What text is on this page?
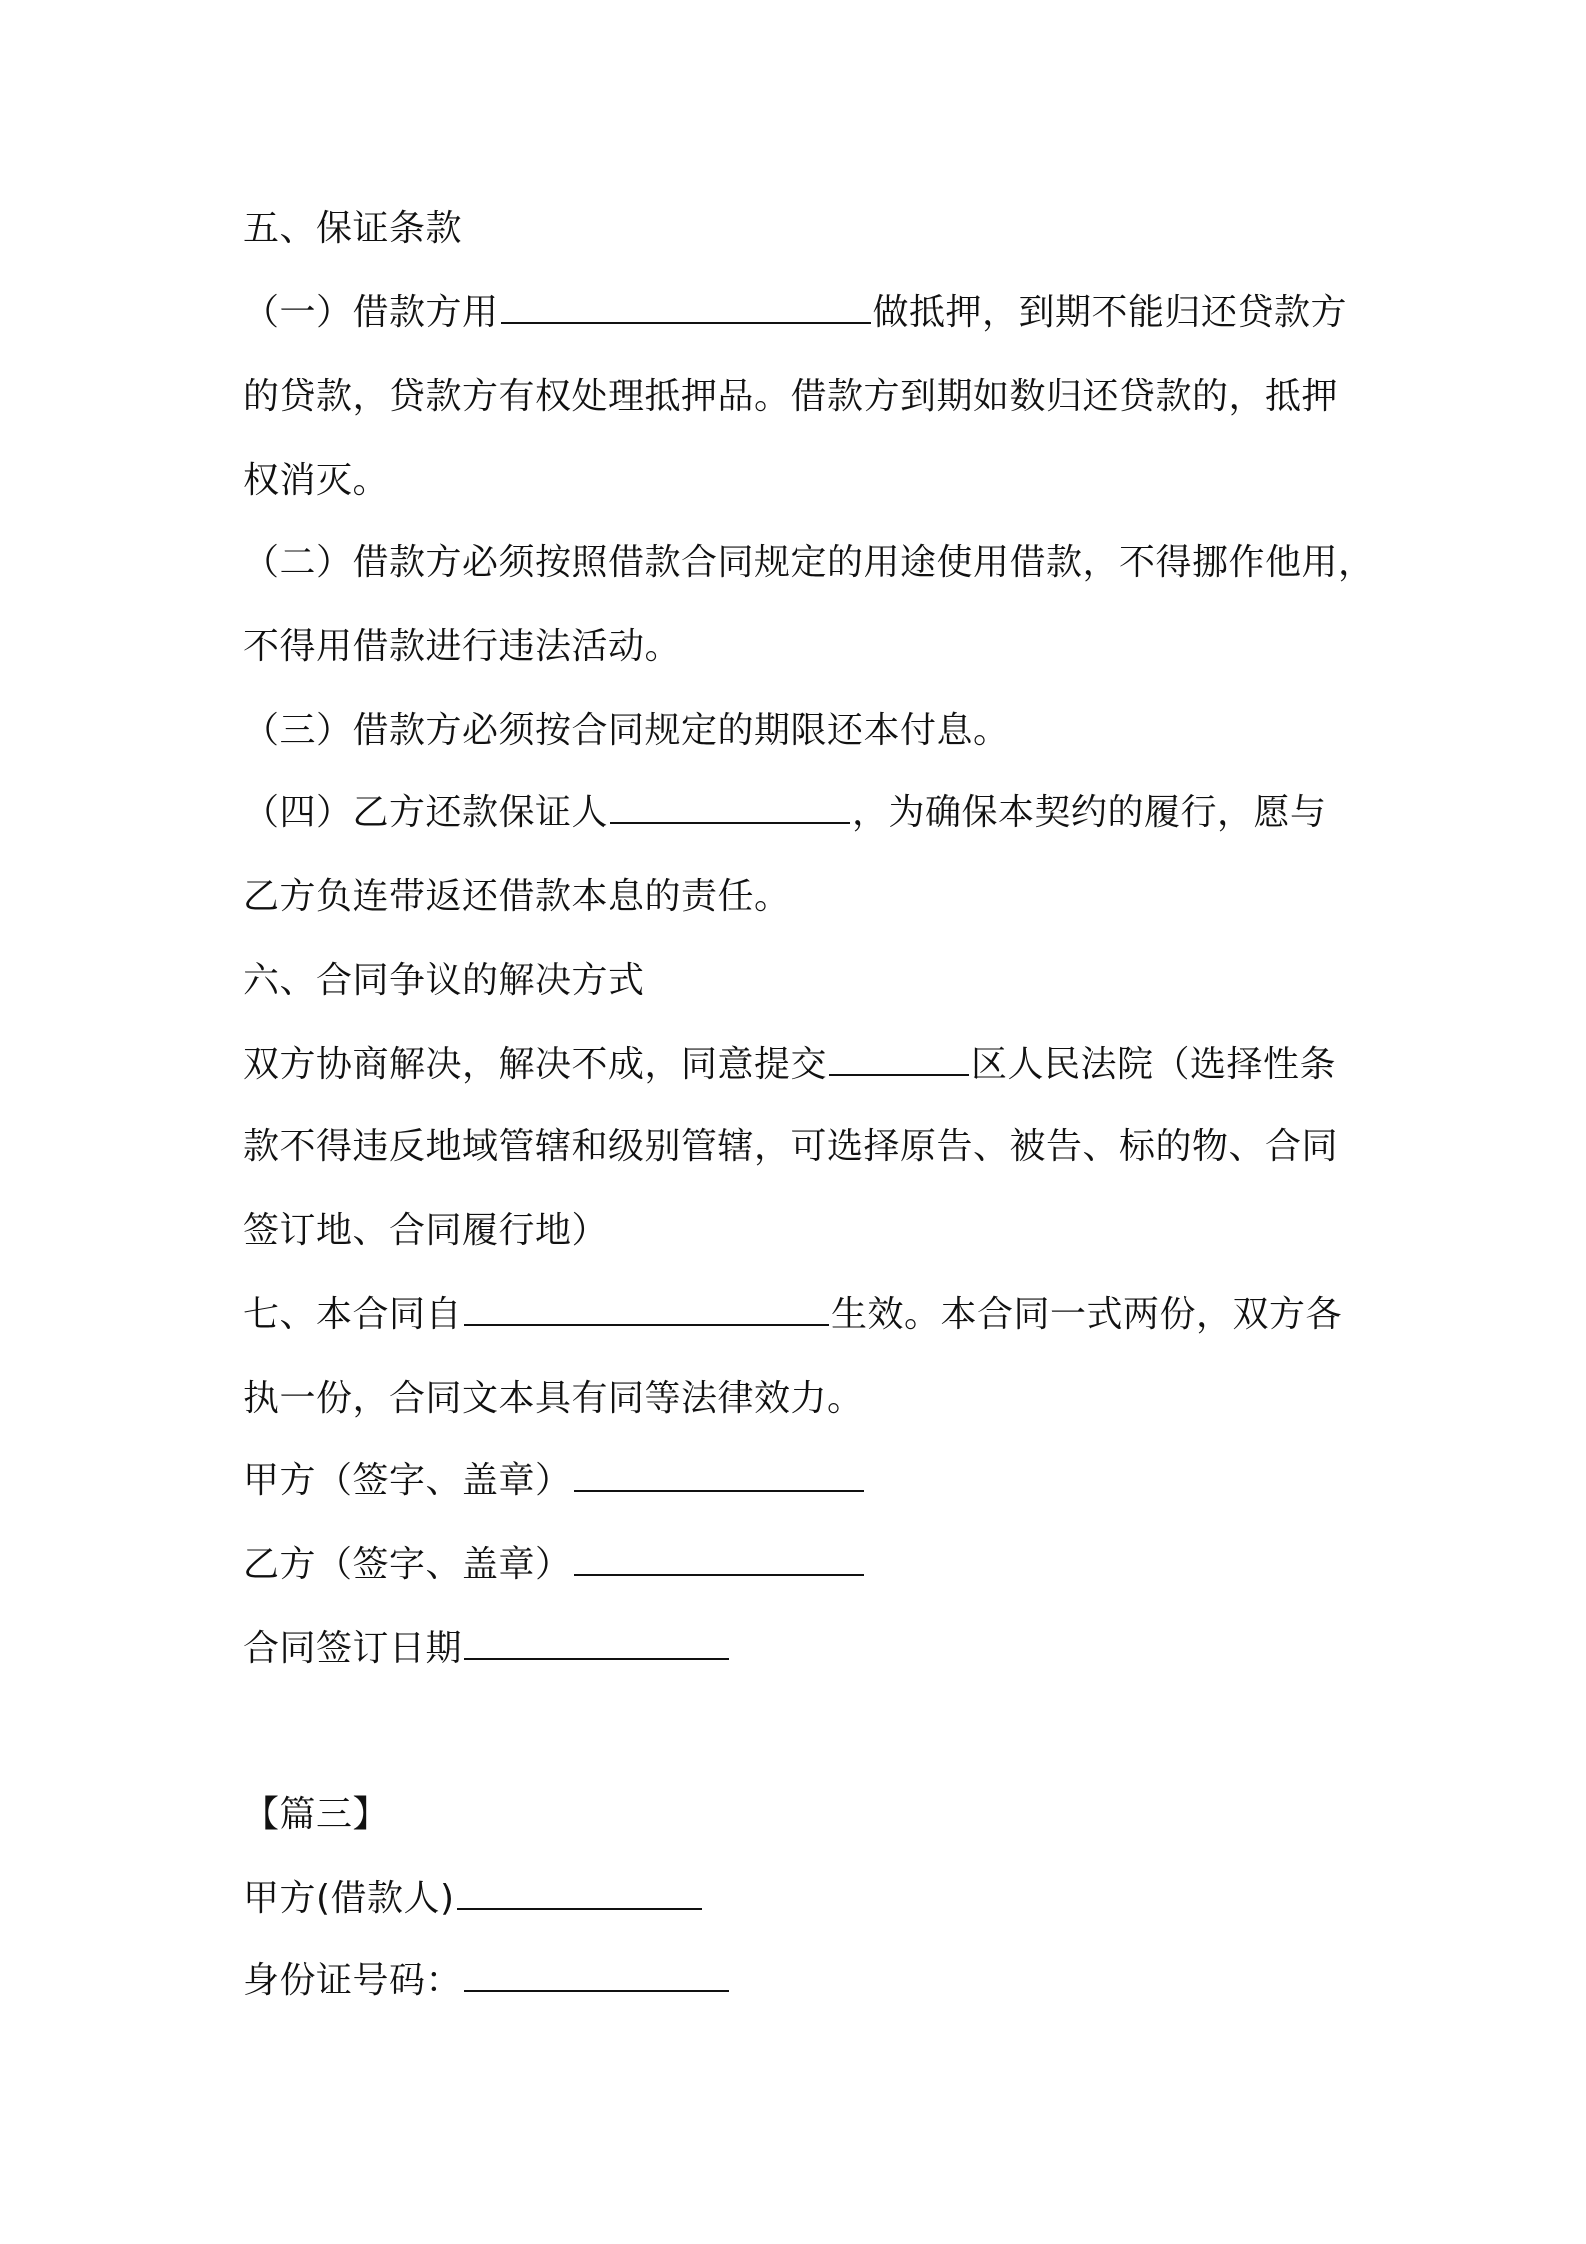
五、保证条款
（一）借款方用	做抵押，到期不能归还贷款方
的贷款，贷款方有权处理抵押品。借款方到期如数归还贷款的，抵押
权消灭。
（二）借款方必须按照借款合同规定的用途使用借款，不得挪作他用，
不得用借款进行违法活动。
（三）借款方必须按合同规定的期限还本付息。
（四）乙方还款保证人	，为确保本契约的履行，愿与
乙方负连带返还借款本息的责任。
六、合同争议的解决方式
双方协商解决，解决不成，同意提交	区人民法院（选择性条
款不得违反地域管辖和级别管辖，可选择原告、被告、标的物、合同
签订地、合同履行地）
七、本合同自	生效。本合同一式两份，双方各
执一份，合同文本具有同等法律效力。
甲方（签字、盖章）
乙方（签字、盖章）
合同签订日期
【篇三】
甲方(借款人)
身份证号码：
